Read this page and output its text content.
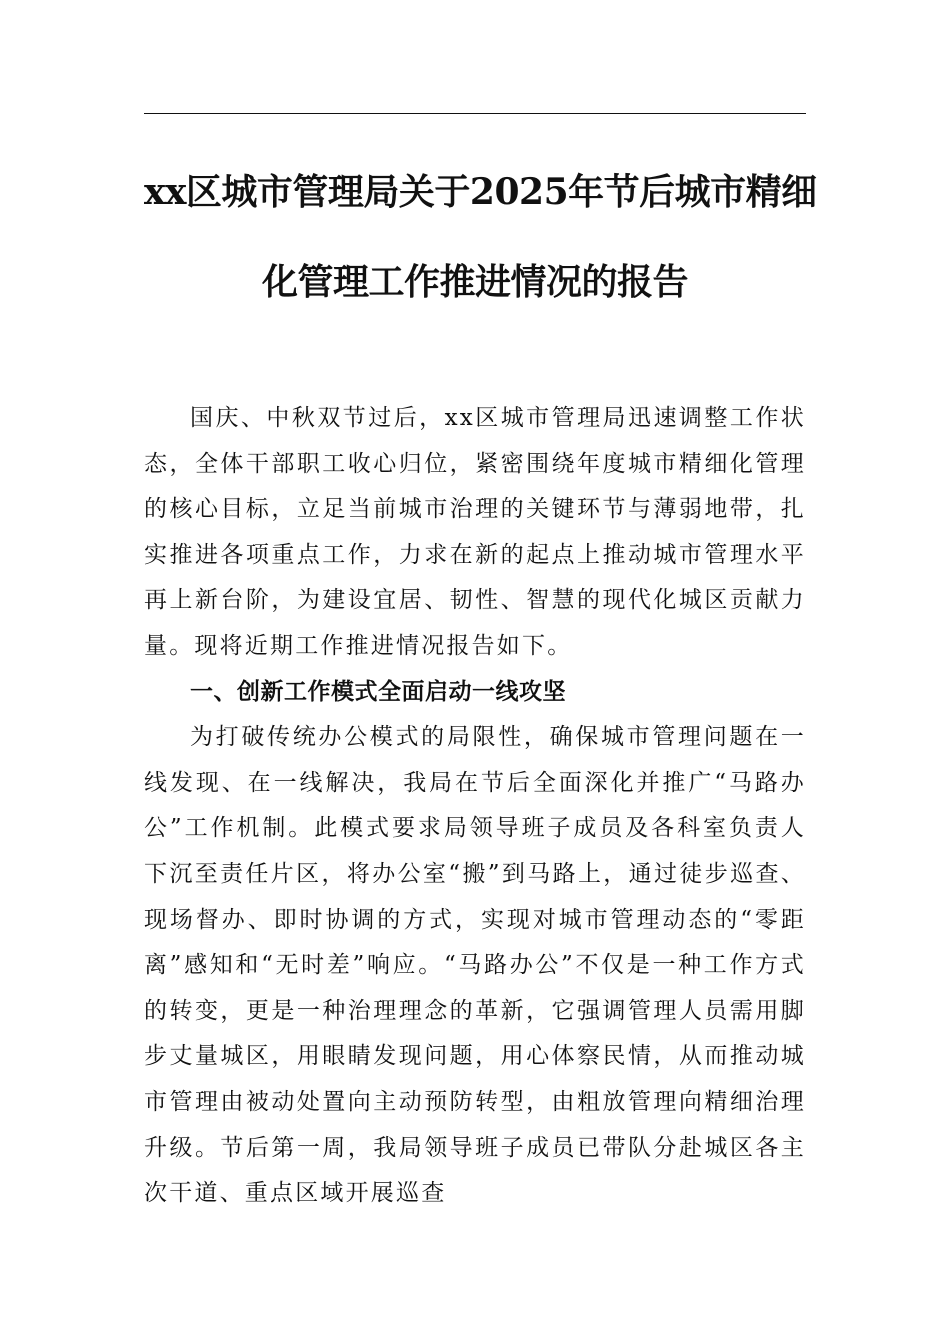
xx区城市管理局关于2025年节后城市精细
化管理工作推进情况的报告

国庆、中秋双节过后，xx区城市管理局迅速调整工作状态，全体干部职工收心归位，紧密围绕年度城市精细化管理的核心目标，立足当前城市治理的关键环节与薄弱地带，扎实推进各项重点工作，力求在新的起点上推动城市管理水平再上新台阶，为建设宜居、韧性、智慧的现代化城区贡献力量。现将近期工作推进情况报告如下。

一、创新工作模式全面启动一线攻坚

为打破传统办公模式的局限性，确保城市管理问题在一线发现、在一线解决，我局在节后全面深化并推广“马路办公”工作机制。此模式要求局领导班子成员及各科室负责人下沉至责任片区，将办公室“搬”到马路上，通过徒步巡查、现场督办、即时协调的方式，实现对城市管理动态的“零距离”感知和“无时差”响应。“马路办公”不仅是一种工作方式的转变，更是一种治理理念的革新，它强调管理人员需用脚步丈量城区，用眼睛发现问题，用心体察民情，从而推动城市管理由被动处置向主动预防转型，由粗放管理向精细治理升级。节后第一周，我局领导班子成员已带队分赴城区各主次干道、重点区域开展巡查
